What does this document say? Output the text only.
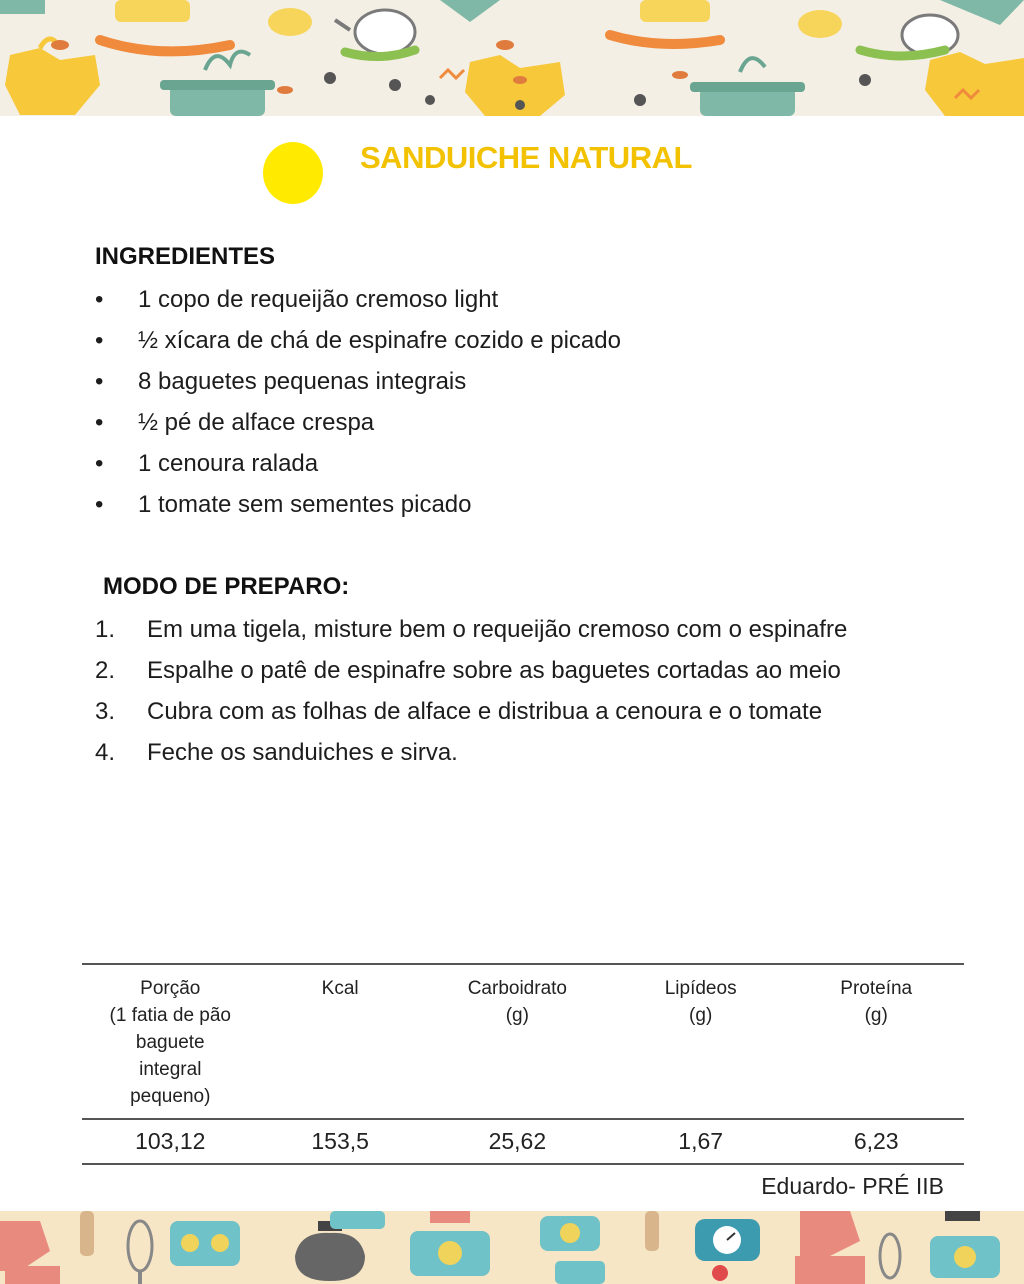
SANDUICHE NATURAL
INGREDIENTES
•	1 copo de requeijão cremoso light
•	½ xícara de chá de espinafre cozido e picado
•	8 baguetes pequenas integrais
•	½ pé de alface crespa
•	1 cenoura ralada
•	1 tomate sem sementes picado
MODO DE PREPARO:
1. Em uma tigela, misture bem o requeijão cremoso com o espinafre
2. Espalhe o patê de espinafre sobre as baguetes cortadas ao meio
3. Cubra com as folhas de alface e distribua a cenoura e o tomate
4. Feche os sanduiches e sirva.
Porção
(1 fatia de pão
baguete
integral
pequeno)	Kcal	Carboidrato
(g)	Lipídeos
(g)	Proteína
(g)
103,12	153,5	25,62	1,67	6,23
Eduardo- PRÉ IIB
